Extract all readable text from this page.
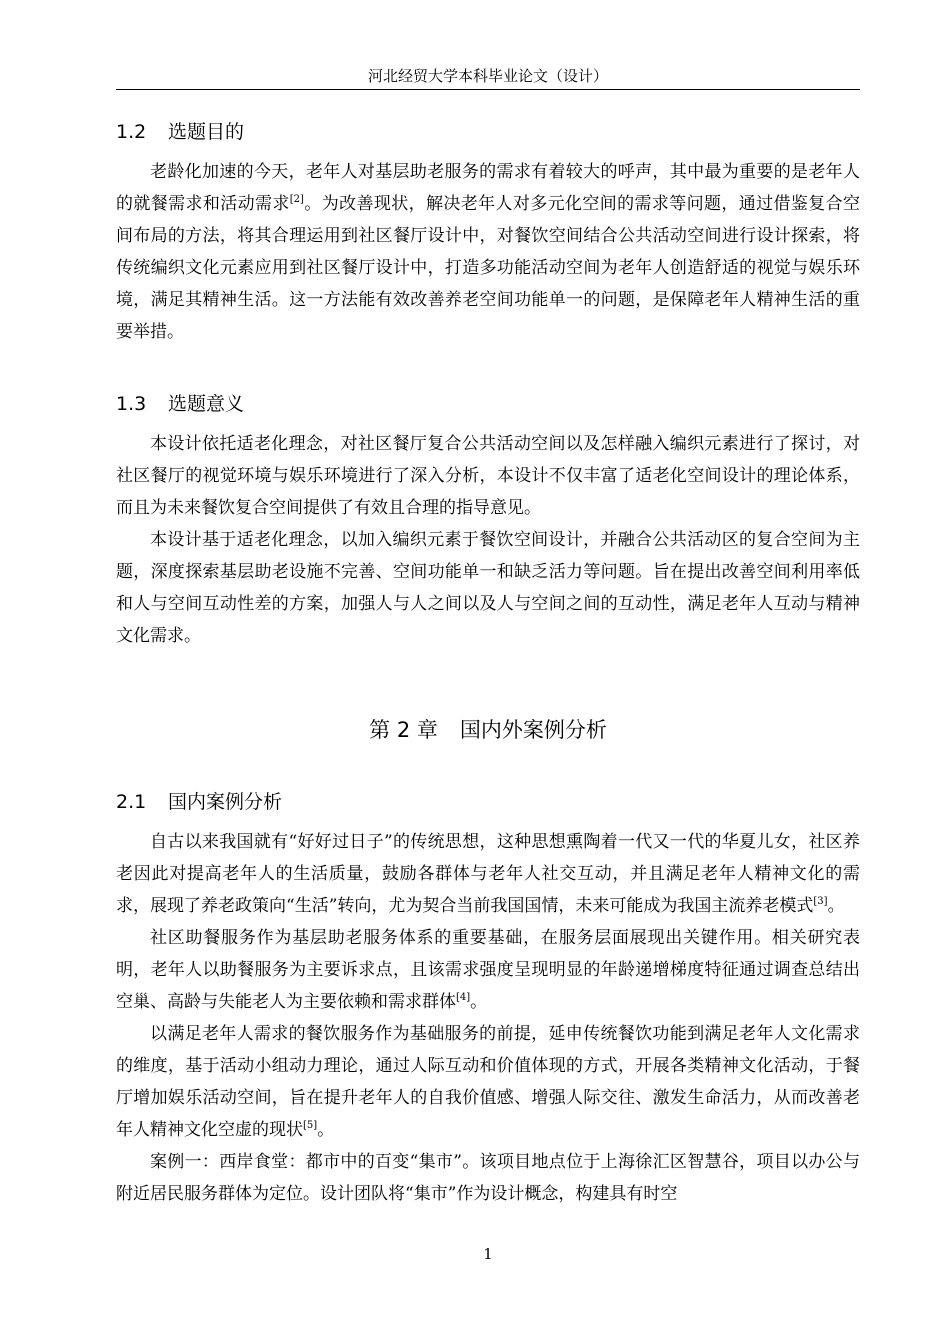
河北经贸大学本科毕业论文（设计）
1.2 选题目的

老龄化加速的今天，老年人对基层助老服务的需求有着较大的呼声，其中最为重要的是老年人的就餐需求和活动需求[2]。为改善现状，解决老年人对多元化空间的需求等问题，通过借鉴复合空间布局的方法，将其合理运用到社区餐厅设计中，对餐饮空间结合公共活动空间进行设计探索，将传统编织文化元素应用到社区餐厅设计中，打造多功能活动空间为老年人创造舒适的视觉与娱乐环境，满足其精神生活。这一方法能有效改善养老空间功能单一的问题，是保障老年人精神生活的重要举措。

1.3 选题意义

本设计依托适老化理念，对社区餐厅复合公共活动空间以及怎样融入编织元素进行了探讨，对社区餐厅的视觉环境与娱乐环境进行了深入分析，本设计不仅丰富了适老化空间设计的理论体系，而且为未来餐饮复合空间提供了有效且合理的指导意见。

本设计基于适老化理念，以加入编织元素于餐饮空间设计，并融合公共活动区的复合空间为主题，深度探索基层助老设施不完善、空间功能单一和缺乏活力等问题。旨在提出改善空间利用率低和人与空间互动性差的方案，加强人与人之间以及人与空间之间的互动性，满足老年人互动与精神文化需求。

第 2 章 国内外案例分析
2.1 国内案例分析

自古以来我国就有“好好过日子”的传统思想，这种思想熏陶着一代又一代的华夏儿女，社区养老因此对提高老年人的生活质量，鼓励各群体与老年人社交互动，并且满足老年人精神文化的需求，展现了养老政策向“生活”转向，尤为契合当前我国国情，未来可能成为我国主流养老模式[3]。

社区助餐服务作为基层助老服务体系的重要基础，在服务层面展现出关键作用。相关研究表明，老年人以助餐服务为主要诉求点，且该需求强度呈现明显的年龄递增梯度特征通过调查总结出空巢、高龄与失能老人为主要依赖和需求群体[4]。

以满足老年人需求的餐饮服务作为基础服务的前提，延申传统餐饮功能到满足老年人文化需求的维度，基于活动小组动力理论，通过人际互动和价值体现的方式，开展各类精神文化活动，于餐厅增加娱乐活动空间，旨在提升老年人的自我价值感、增强人际交往、激发生命活力，从而改善老年人精神文化空虚的现状[5]。

案例一：西岸食堂：都市中的百变“集市”。该项目地点位于上海徐汇区智慧谷，项目以办公与附近居民服务群体为定位。设计团队将“集市”作为设计概念，构建具有时空

1
